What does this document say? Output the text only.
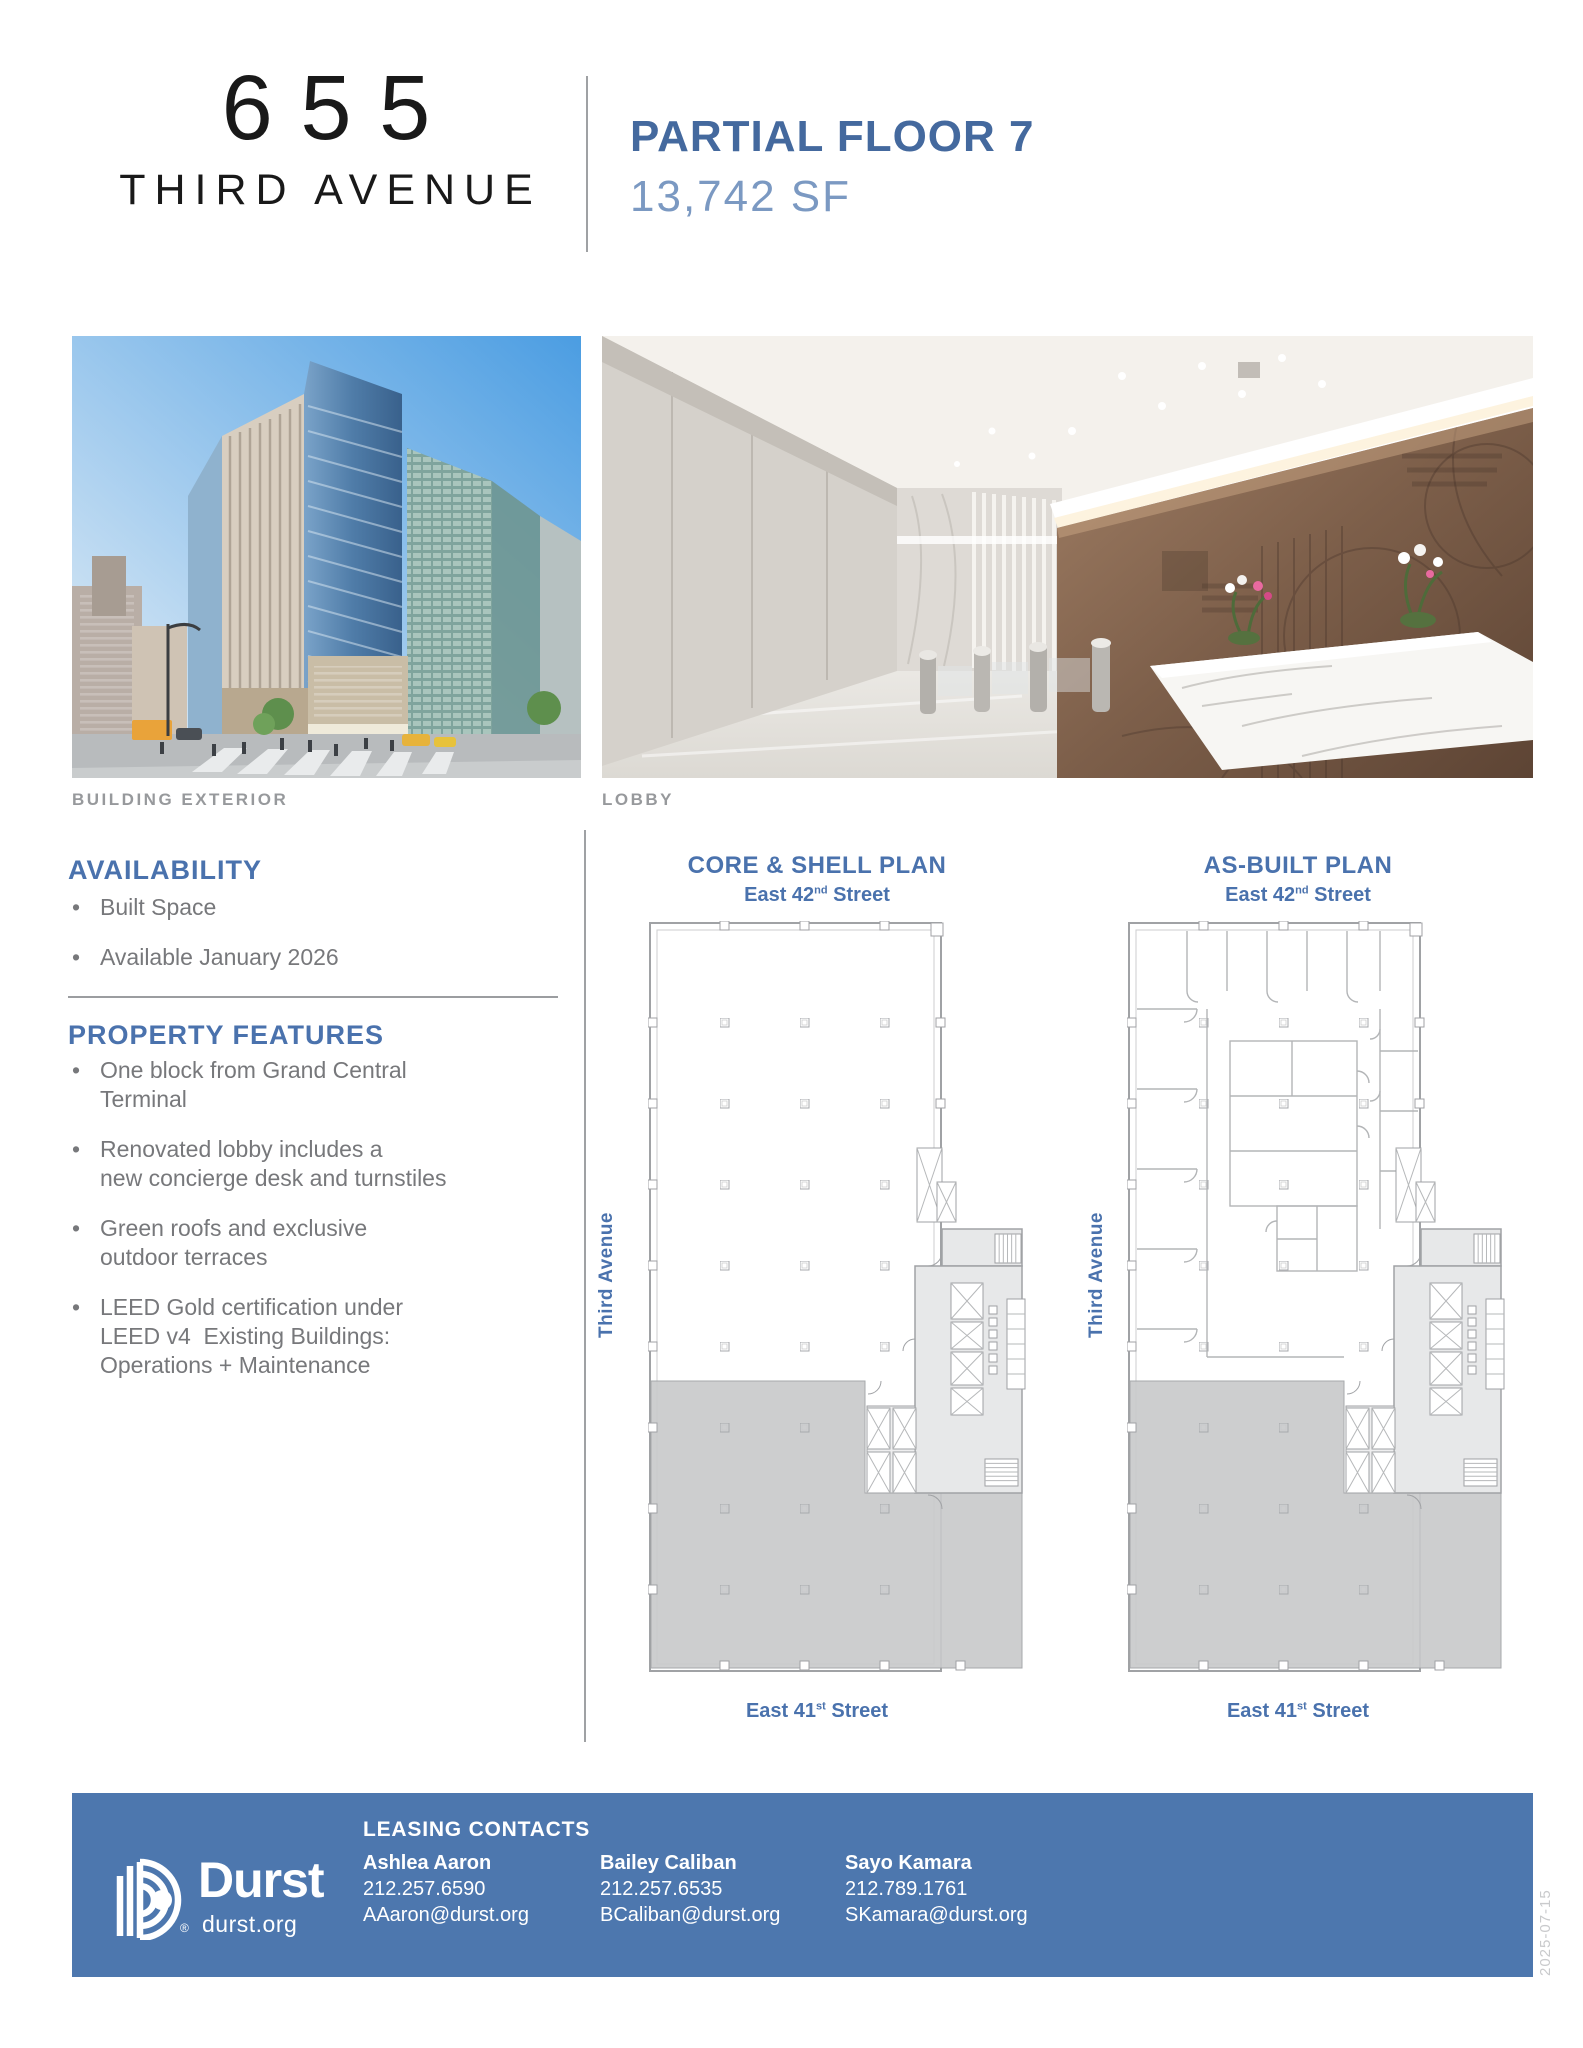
655
THIRD AVENUE
PARTIAL FLOOR 7
13,742 SF
BUILDING EXTERIOR	LOBBY
AVAILABILITY
• Built Space
• Available January 2026
PROPERTY FEATURES
• One block from Grand Central
Terminal
• Renovated lobby includes a
new concierge desk and turnstiles
• Green roofs and exclusive
outdoor terraces
• LEED Gold certification under
LEED v4  Existing Buildings:
Operations + Maintenance
CORE & SHELL PLAN
East 42nd Street
AS-BUILT PLAN
East 42nd Street
Third Avenue	Third Avenue
East 41st Street	East 41st Street
Durst
® durst.org
LEASING CONTACTS
Ashlea Aaron
212.257.6590
AAaron@durst.org
Bailey Caliban
212.257.6535
BCaliban@durst.org
Sayo Kamara
212.789.1761
SKamara@durst.org	2025-07-15
